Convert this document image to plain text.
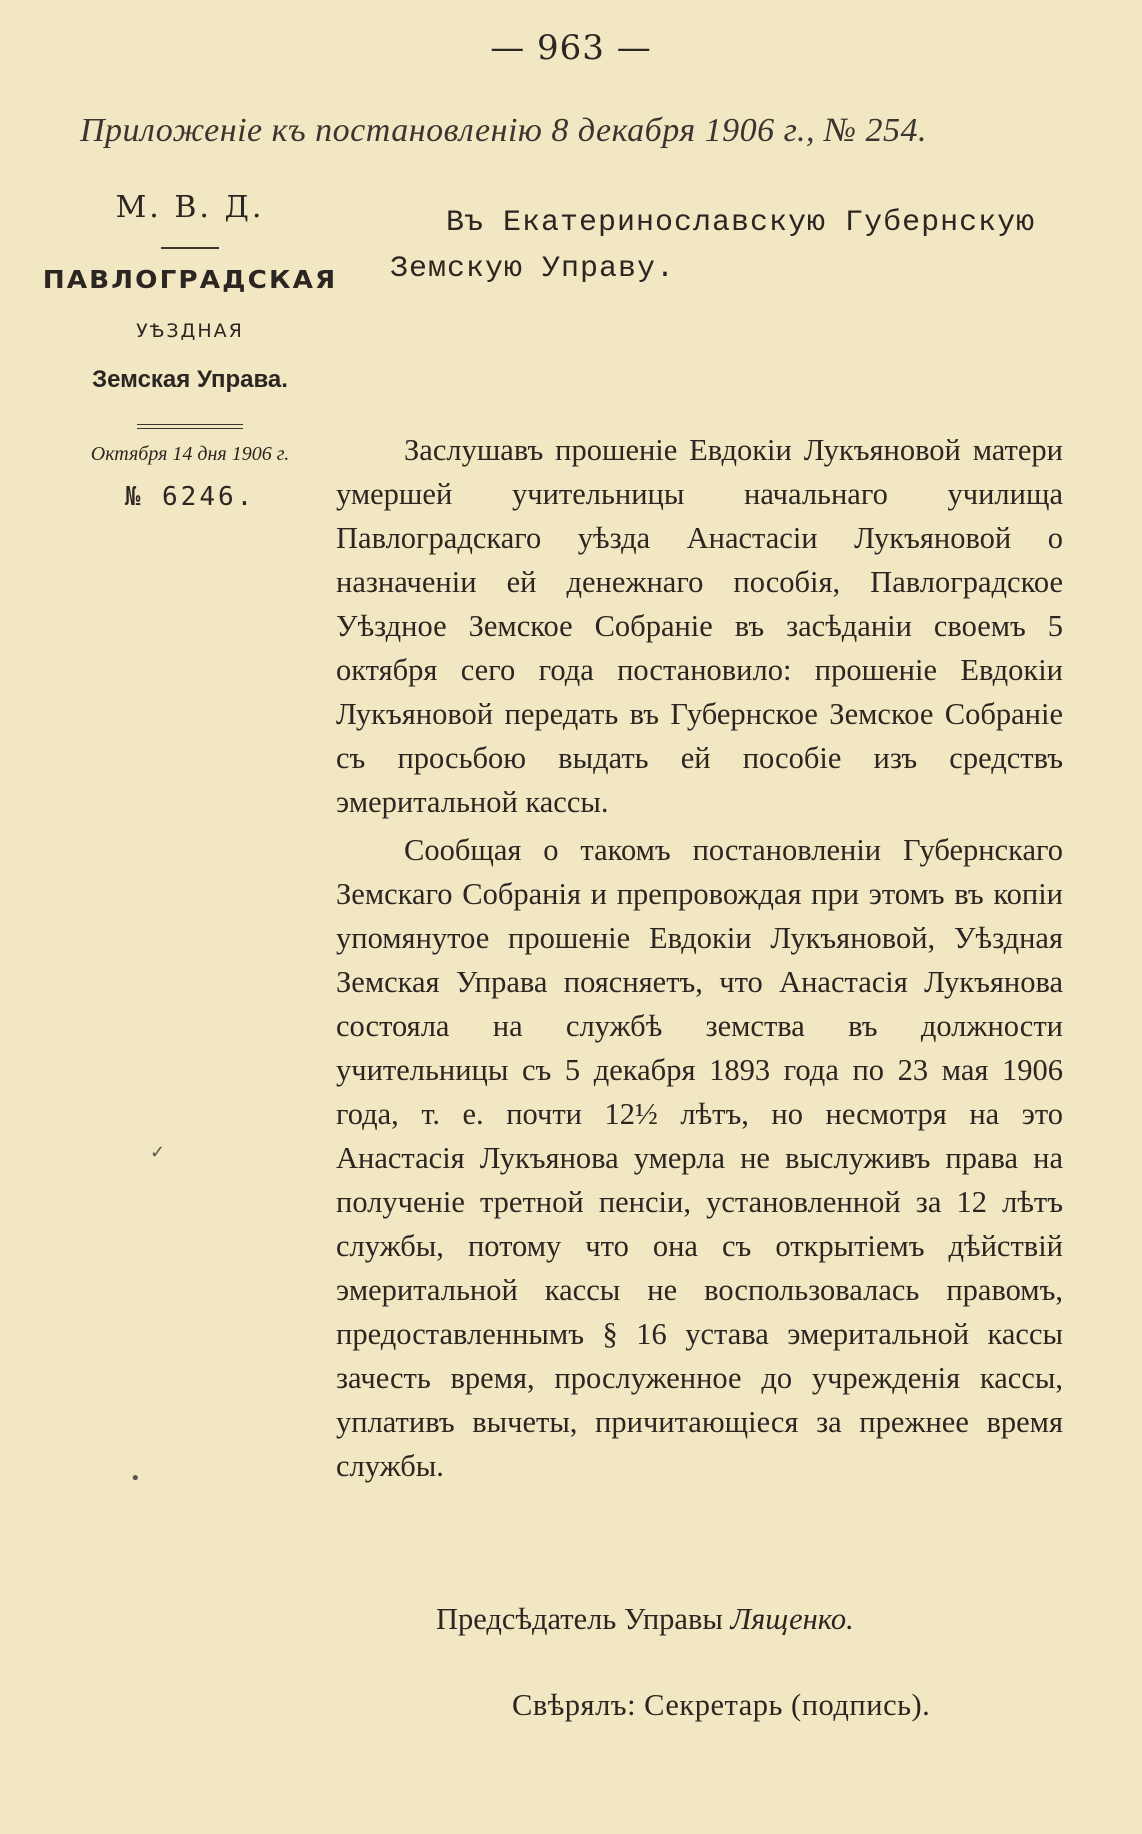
— 963 —
Приложеніе къ постановленію 8 декабря 1906 г., № 254.
М. В. Д.
ПАВЛОГРАДСКАЯ
УѢЗДНАЯ
Земская Управа.
Октября 14 дня 1906 г.
№ 6246.
Въ Екатеринославскую Губернскую
Земскую Управу.

Заслушавъ прошеніе Евдокіи Лукъяновой матери умершей учительницы начальнаго училища Павлоградскаго уѣзда Анастасіи Лукъяновой о назначеніи ей денежнаго пособія, Павлоградское Уѣздное Земское Собраніе въ засѣданіи своемъ 5 октября сего года постановило: прошеніе Евдокіи Лукъяновой передать въ Губернское Земское Собраніе съ просьбою выдать ей пособіе изъ средствъ эмеритальной кассы.

Сообщая о такомъ постановленіи Губернскаго Земскаго Собранія и препровождая при этомъ въ копіи упомянутое прошеніе Евдокіи Лукъяновой, Уѣздная Земская Управа поясняетъ, что Анастасія Лукъянова состояла на службѣ земства въ должности учительницы съ 5 декабря 1893 года по 23 мая 1906 года, т. е. почти 12½ лѣтъ, но несмотря на это Анастасія Лукъянова умерла не выслуживъ права на полученіе третной пенсіи, установленной за 12 лѣтъ службы, потому что она съ открытіемъ дѣйствій эмеритальной кассы не воспользовалась правомъ, предоставленнымъ § 16 устава эмеритальной кассы зачесть время, прослуженное до учрежденія кассы, уплативъ вычеты, причитающіеся за прежнее время службы.

Предсѣдатель Управы Лященко.
Свѣрялъ: Секретарь (подпись).
✓
•
